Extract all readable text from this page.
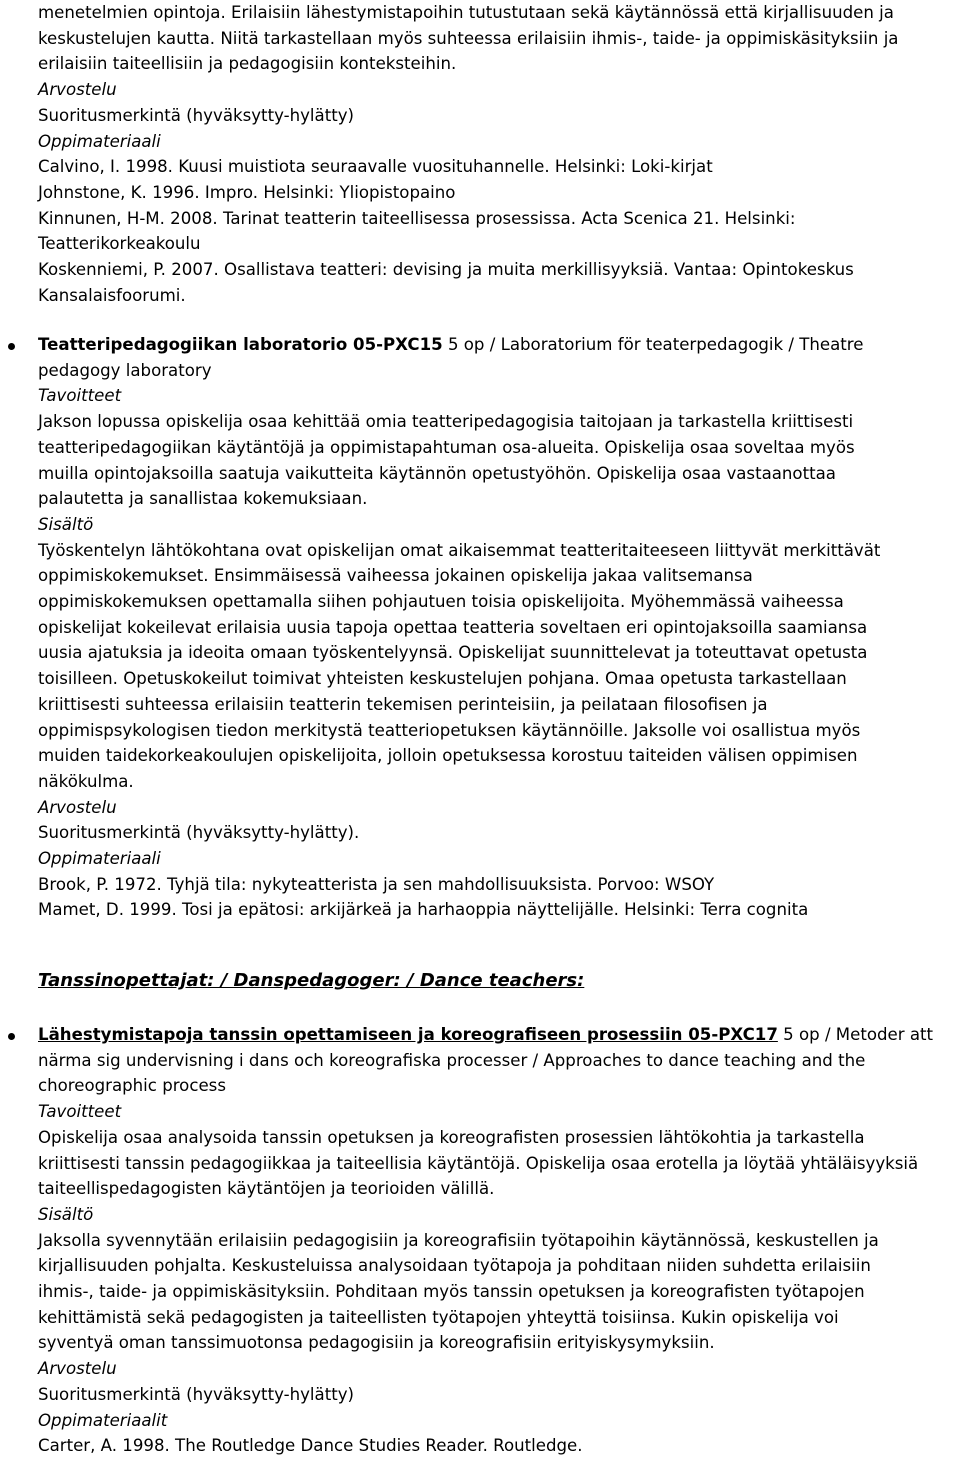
menetelmien opintoja. Erilaisiin lähestymistapoihin tutustutaan sekä käytännössä että kirjallisuuden ja
keskustelujen kautta. Niitä tarkastellaan myös suhteessa erilaisiin ihmis-, taide- ja oppimiskäsityksiin ja
erilaisiin taiteellisiin ja pedagogisiin konteksteihin.
Arvostelu
Suoritusmerkintä (hyväksytty-hylätty)
Oppimateriaali
Calvino, I. 1998. Kuusi muistiota seuraavalle vuosituhannelle. Helsinki: Loki-kirjat
Johnstone, K. 1996. Impro. Helsinki: Yliopistopaino
Kinnunen, H-M. 2008. Tarinat teatterin taiteellisessa prosessissa. Acta Scenica 21. Helsinki:
Teatterikorkeakoulu
Koskenniemi, P. 2007. Osallistava teatteri: devising ja muita merkillisyyksiä. Vantaa: Opintokeskus
Kansalaisfoorumi.
Teatteripedagogiikan laboratorio 05-PXC15 5 op / Laboratorium för teaterpedagogik / Theatre
pedagogy laboratory
Tavoitteet
Jakson lopussa opiskelija osaa kehittää omia teatteripedagogisia taitojaan ja tarkastella kriittisesti
teatteripedagogiikan käytäntöjä ja oppimistapahtuman osa-alueita. Opiskelija osaa soveltaa myös
muilla opintojaksoilla saatuja vaikutteita käytännön opetustyöhön. Opiskelija osaa vastaanottaa
palautetta ja sanallistaa kokemuksiaan.
Sisältö
Työskentelyn lähtökohtana ovat opiskelijan omat aikaisemmat teatteritaiteeseen liittyvät merkittävät
oppimiskokemukset. Ensimmäisessä vaiheessa jokainen opiskelija jakaa valitsemansa
oppimiskokemuksen opettamalla siihen pohjautuen toisia opiskelijoita. Myöhemmässä vaiheessa
opiskelijat kokeilevat erilaisia uusia tapoja opettaa teatteria soveltaen eri opintojaksoilla saamiansa
uusia ajatuksia ja ideoita omaan työskentelyynsä. Opiskelijat suunnittelevat ja toteuttavat opetusta
toisilleen. Opetuskokeilut toimivat yhteisten keskustelujen pohjana. Omaa opetusta tarkastellaan
kriittisesti suhteessa erilaisiin teatterin tekemisen perinteisiin, ja peilataan filosofisen ja
oppimispsykologisen tiedon merkitystä teatteriopetuksen käytännöille. Jaksolle voi osallistua myös
muiden taidekorkeakoulujen opiskelijoita, jolloin opetuksessa korostuu taiteiden välisen oppimisen
näkökulma.
Arvostelu
Suoritusmerkintä (hyväksytty-hylätty).
Oppimateriaali
Brook, P. 1972. Tyhjä tila: nykyteatterista ja sen mahdollisuuksista. Porvoo: WSOY
Mamet, D. 1999. Tosi ja epätosi: arkijärkeä ja harhaoppia näyttelijälle. Helsinki: Terra cognita
Tanssinopettajat: / Danspedagoger: / Dance teachers:
Lähestymistapoja tanssin opettamiseen ja koreografiseen prosessiin 05-PXC17 5 op / Metoder att
närma sig undervisning i dans och koreografiska processer / Approaches to dance teaching and the
choreographic process
Tavoitteet
Opiskelija osaa analysoida tanssin opetuksen ja koreografisten prosessien lähtökohtia ja tarkastella
kriittisesti tanssin pedagogiikkaa ja taiteellisia käytäntöjä. Opiskelija osaa erotella ja löytää yhtäläisyyksiä
taiteellispedagogisten käytäntöjen ja teorioiden välillä.
Sisältö
Jaksolla syvennytään erilaisiin pedagogisiin ja koreografisiin työtapoihin käytännössä, keskustellen ja
kirjallisuuden pohjalta. Keskusteluissa analysoidaan työtapoja ja pohditaan niiden suhdetta erilaisiin
ihmis-, taide- ja oppimiskäsityksiin. Pohditaan myös tanssin opetuksen ja koreografisten työtapojen
kehittämistä sekä pedagogisten ja taiteellisten työtapojen yhteyttä toisiinsa. Kukin opiskelija voi
syventyä oman tanssimuotonsa pedagogisiin ja koreografisiin erityiskysymyksiin.
Arvostelu
Suoritusmerkintä (hyväksytty-hylätty)
Oppimateriaalit
Carter, A. 1998. The Routledge Dance Studies Reader. Routledge.
